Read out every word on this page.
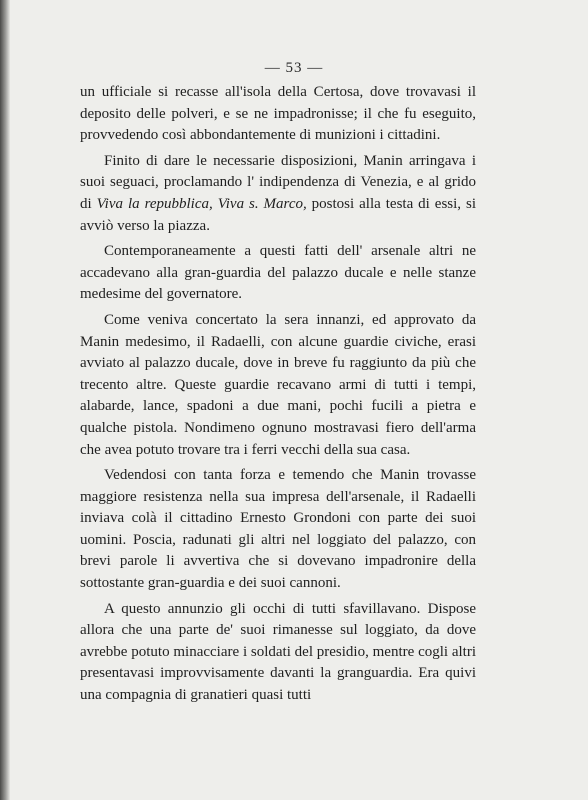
— 53 —

un ufficiale si recasse all'isola della Certosa, dove trovavasi il deposito delle polveri, e se ne impadronisse; il che fu eseguito, provvedendo così abbondantemente di munizioni i cittadini.

Finito di dare le necessarie disposizioni, Manin arringava i suoi seguaci, proclamando l' indipendenza di Venezia, e al grido di Viva la repubblica, Viva s. Marco, postosi alla testa di essi, si avviò verso la piazza.

Contemporaneamente a questi fatti dell' arsenale altri ne accadevano alla gran-guardia del palazzo ducale e nelle stanze medesime del governatore.

Come veniva concertato la sera innanzi, ed approvato da Manin medesimo, il Radaelli, con alcune guardie civiche, erasi avviato al palazzo ducale, dove in breve fu raggiunto da più che trecento altre. Queste guardie recavano armi di tutti i tempi, alabarde, lance, spadoni a due mani, pochi fucili a pietra e qualche pistola. Nondimeno ognuno mostravasi fiero dell'arma che avea potuto trovare tra i ferri vecchi della sua casa.

Vedendosi con tanta forza e temendo che Manin trovasse maggiore resistenza nella sua impresa dell'arsenale, il Radaelli inviava colà il cittadino Ernesto Grondoni con parte dei suoi uomini. Poscia, radunati gli altri nel loggiato del palazzo, con brevi parole li avvertiva che si dovevano impadronire della sottostante gran-guardia e dei suoi cannoni.

A questo annunzio gli occhi di tutti sfavillavano. Dispose allora che una parte de' suoi rimanesse sul loggiato, da dove avrebbe potuto minacciare i soldati del presidio, mentre cogli altri presentavasi improvvisamente davanti la granguardia. Era quivi una compagnia di granatieri quasi tutti
